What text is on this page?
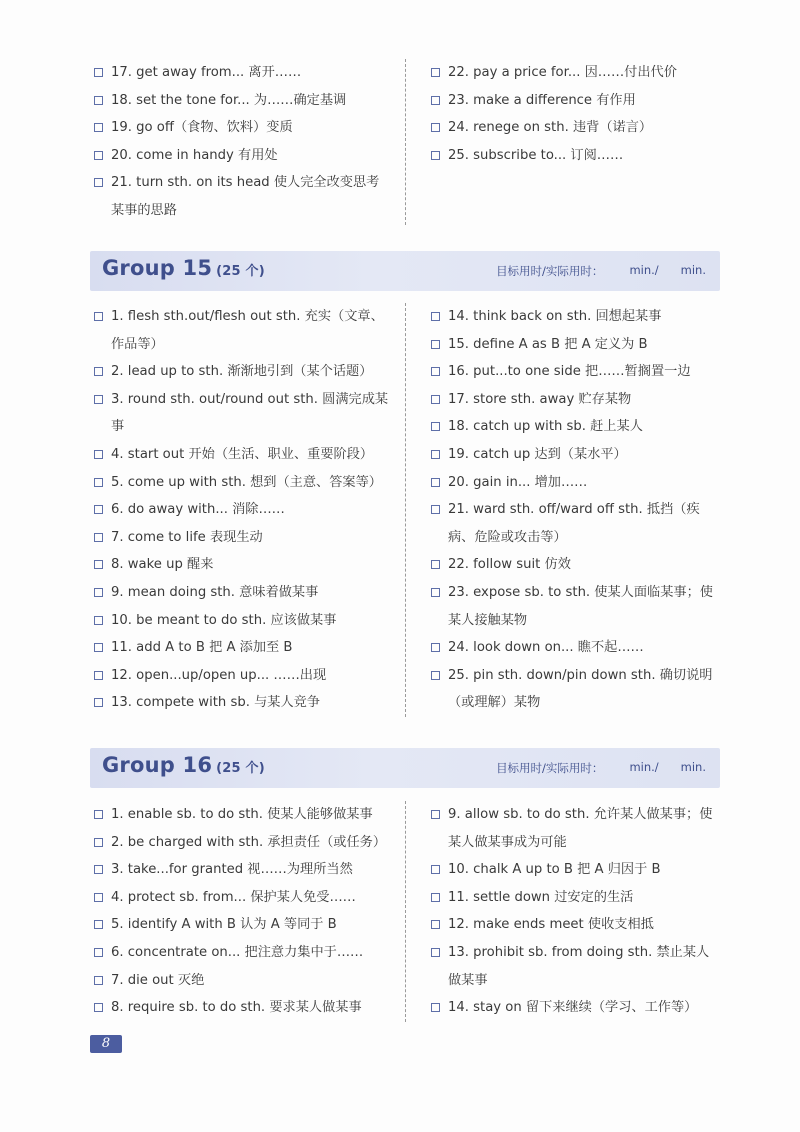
17. get away from... 离开……
18. set the tone for... 为……确定基调
19. go off（食物、饮料）变质
20. come in handy 有用处
21. turn sth. on its head 使人完全改变思考某事的思路
22. pay a price for... 因……付出代价
23. make a difference 有作用
24. renege on sth. 违背（诺言）
25. subscribe to... 订阅……
Group 15 (25 个)	目标用时/实际用时： min./ min.
1. flesh sth.out/flesh out sth. 充实（文章、作品等）
2. lead up to sth. 渐渐地引到（某个话题）
3. round sth. out/round out sth. 圆满完成某事
4. start out 开始（生活、职业、重要阶段）
5. come up with sth. 想到（主意、答案等）
6. do away with... 消除……
7. come to life 表现生动
8. wake up 醒来
9. mean doing sth. 意味着做某事
10. be meant to do sth. 应该做某事
11. add A to B 把 A 添加至 B
12. open...up/open up... ……出现
13. compete with sb. 与某人竞争
14. think back on sth. 回想起某事
15. define A as B 把 A 定义为 B
16. put...to one side 把……暂搁置一边
17. store sth. away 贮存某物
18. catch up with sb. 赶上某人
19. catch up 达到（某水平）
20. gain in... 增加……
21. ward sth. off/ward off sth. 抵挡（疾病、危险或攻击等）
22. follow suit 仿效
23. expose sb. to sth. 使某人面临某事；使某人接触某物
24. look down on... 瞧不起……
25. pin sth. down/pin down sth. 确切说明（或理解）某物
Group 16 (25 个)	目标用时/实际用时： min./ min.
1. enable sb. to do sth. 使某人能够做某事
2. be charged with sth. 承担责任（或任务）
3. take...for granted 视……为理所当然
4. protect sb. from... 保护某人免受……
5. identify A with B 认为 A 等同于 B
6. concentrate on... 把注意力集中于……
7. die out 灭绝
8. require sb. to do sth. 要求某人做某事
9. allow sb. to do sth. 允许某人做某事；使某人做某事成为可能
10. chalk A up to B 把 A 归因于 B
11. settle down 过安定的生活
12. make ends meet 使收支相抵
13. prohibit sb. from doing sth. 禁止某人做某事
14. stay on 留下来继续（学习、工作等）
8
